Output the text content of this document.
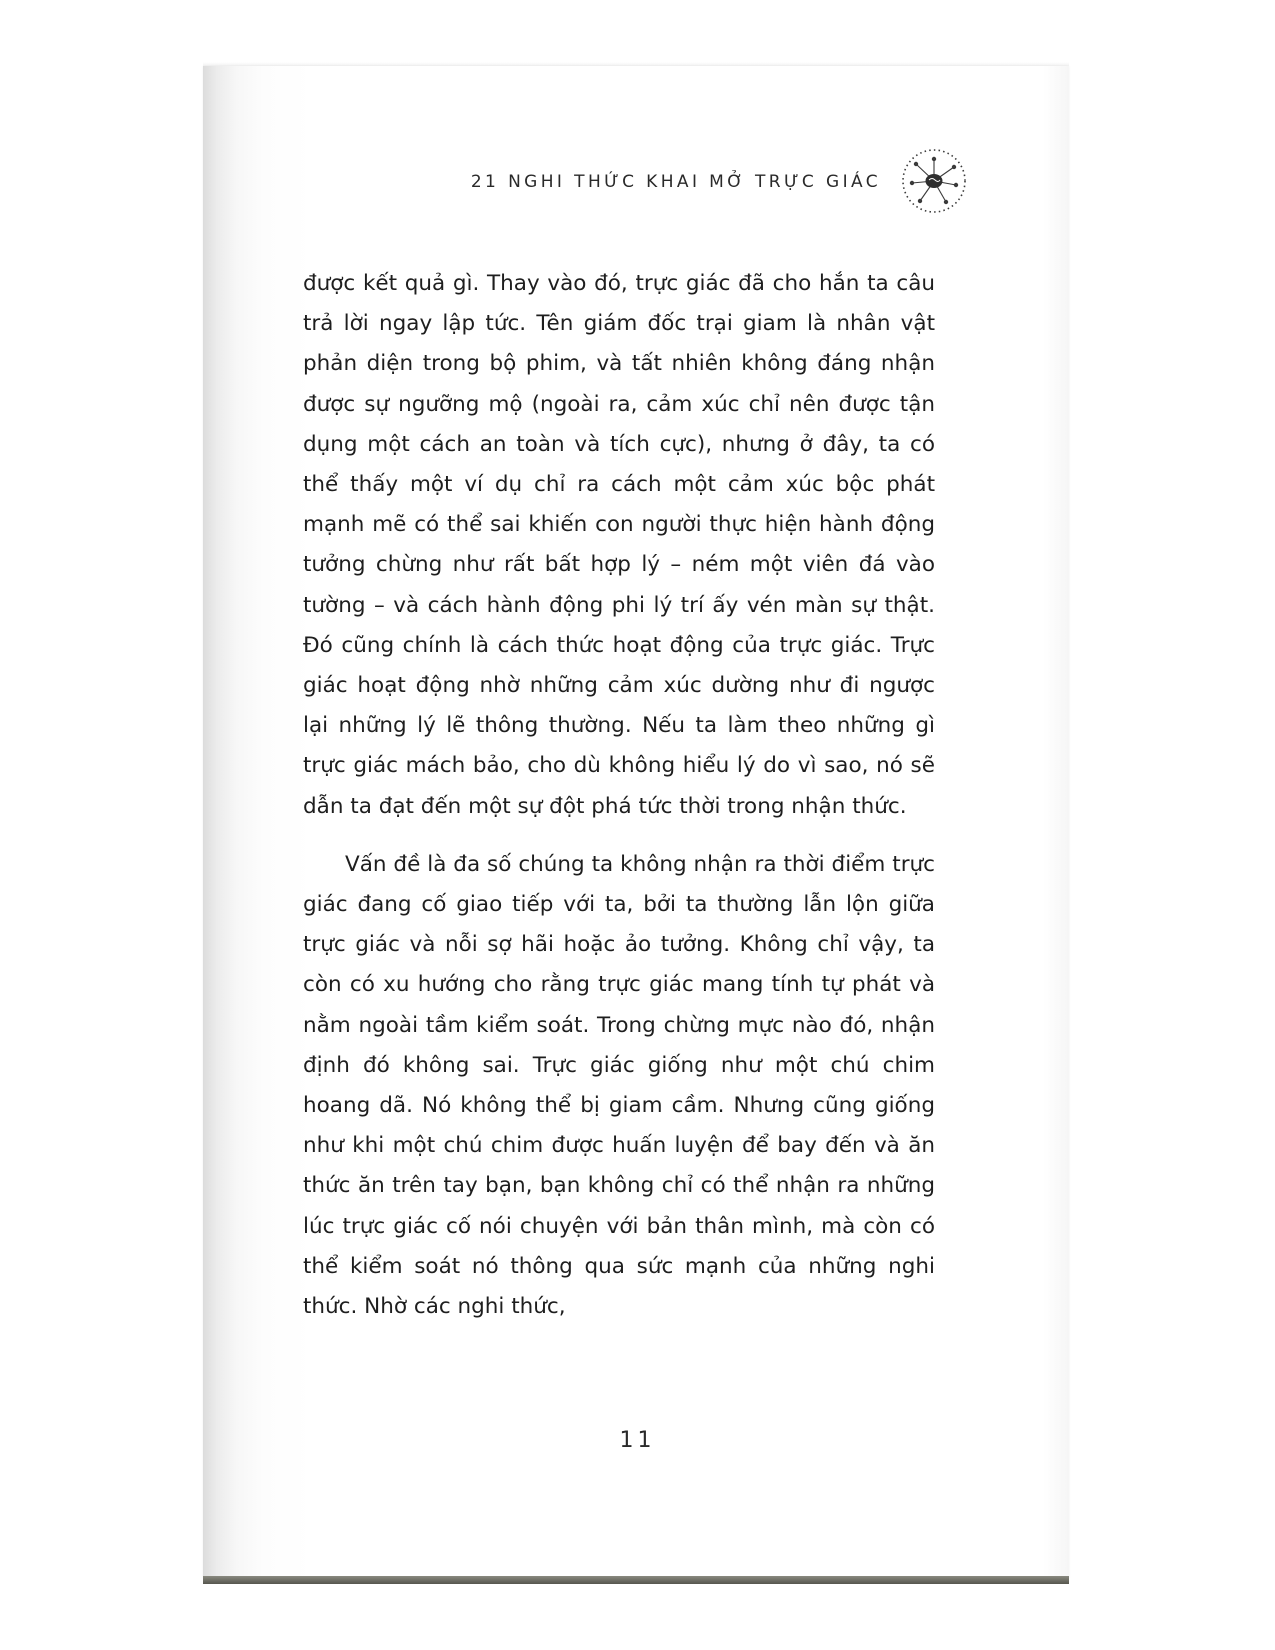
21 NGHI THỨC KHAI MỞ TRỰC GIÁC

được kết quả gì. Thay vào đó, trực giác đã cho hắn ta câu trả lời ngay lập tức. Tên giám đốc trại giam là nhân vật phản diện trong bộ phim, và tất nhiên không đáng nhận được sự ngưỡng mộ (ngoài ra, cảm xúc chỉ nên được tận dụng một cách an toàn và tích cực), nhưng ở đây, ta có thể thấy một ví dụ chỉ ra cách một cảm xúc bộc phát mạnh mẽ có thể sai khiến con người thực hiện hành động tưởng chừng như rất bất hợp lý – ném một viên đá vào tường – và cách hành động phi lý trí ấy vén màn sự thật. Đó cũng chính là cách thức hoạt động của trực giác. Trực giác hoạt động nhờ những cảm xúc dường như đi ngược lại những lý lẽ thông thường. Nếu ta làm theo những gì trực giác mách bảo, cho dù không hiểu lý do vì sao, nó sẽ dẫn ta đạt đến một sự đột phá tức thời trong nhận thức.

Vấn đề là đa số chúng ta không nhận ra thời điểm trực giác đang cố giao tiếp với ta, bởi ta thường lẫn lộn giữa trực giác và nỗi sợ hãi hoặc ảo tưởng. Không chỉ vậy, ta còn có xu hướng cho rằng trực giác mang tính tự phát và nằm ngoài tầm kiểm soát. Trong chừng mực nào đó, nhận định đó không sai. Trực giác giống như một chú chim hoang dã. Nó không thể bị giam cầm. Nhưng cũng giống như khi một chú chim được huấn luyện để bay đến và ăn thức ăn trên tay bạn, bạn không chỉ có thể nhận ra những lúc trực giác cố nói chuyện với bản thân mình, mà còn có thể kiểm soát nó thông qua sức mạnh của những nghi thức. Nhờ các nghi thức,

11
